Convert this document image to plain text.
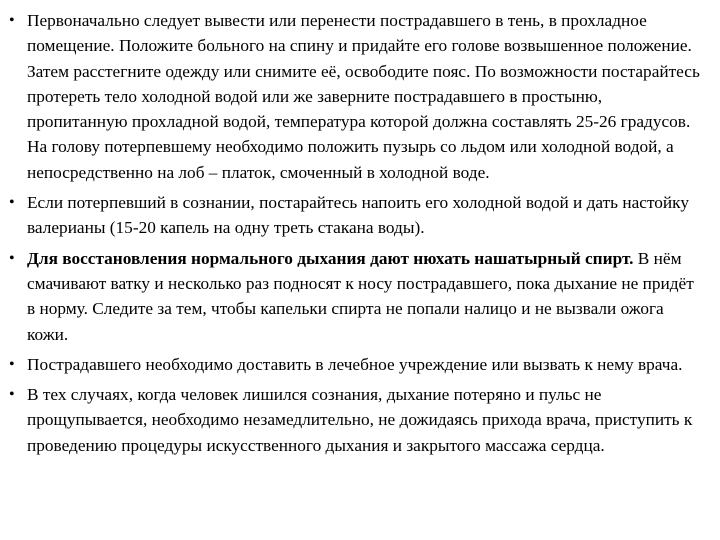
• Первоначально следует вывести или перенести пострадавшего в тень, в прохладное помещение. Положите больного на спину и придайте его голове возвышенное положение. Затем расстегните одежду или снимите её, освободите пояс. По возможности постарайтесь протереть тело холодной водой или же заверните пострадавшего в простыню, пропитанную прохладной водой, температура которой должна составлять 25-26 градусов. На голову потерпевшему необходимо положить пузырь со льдом или холодной водой, а непосредственно на лоб – платок, смоченный в холодной воде.
• Если потерпевший в сознании, постарайтесь напоить его холодной водой и дать настойку валерианы (15-20 капель на одну треть стакана воды).
• Для восстановления нормального дыхания дают нюхать нашатырный спирт. В нём смачивают ватку и несколько раз подносят к носу пострадавшего, пока дыхание не придёт в норму. Следите за тем, чтобы капельки спирта не попали налицо и не вызвали ожога кожи.
• Пострадавшего необходимо доставить в лечебное учреждение или вызвать к нему врача.
• В тех случаях, когда человек лишился сознания, дыхание потеряно и пульс не прощупывается, необходимо незамедлительно, не дожидаясь прихода врача, приступить к проведению процедуры искусственного дыхания и закрытого массажа сердца.
